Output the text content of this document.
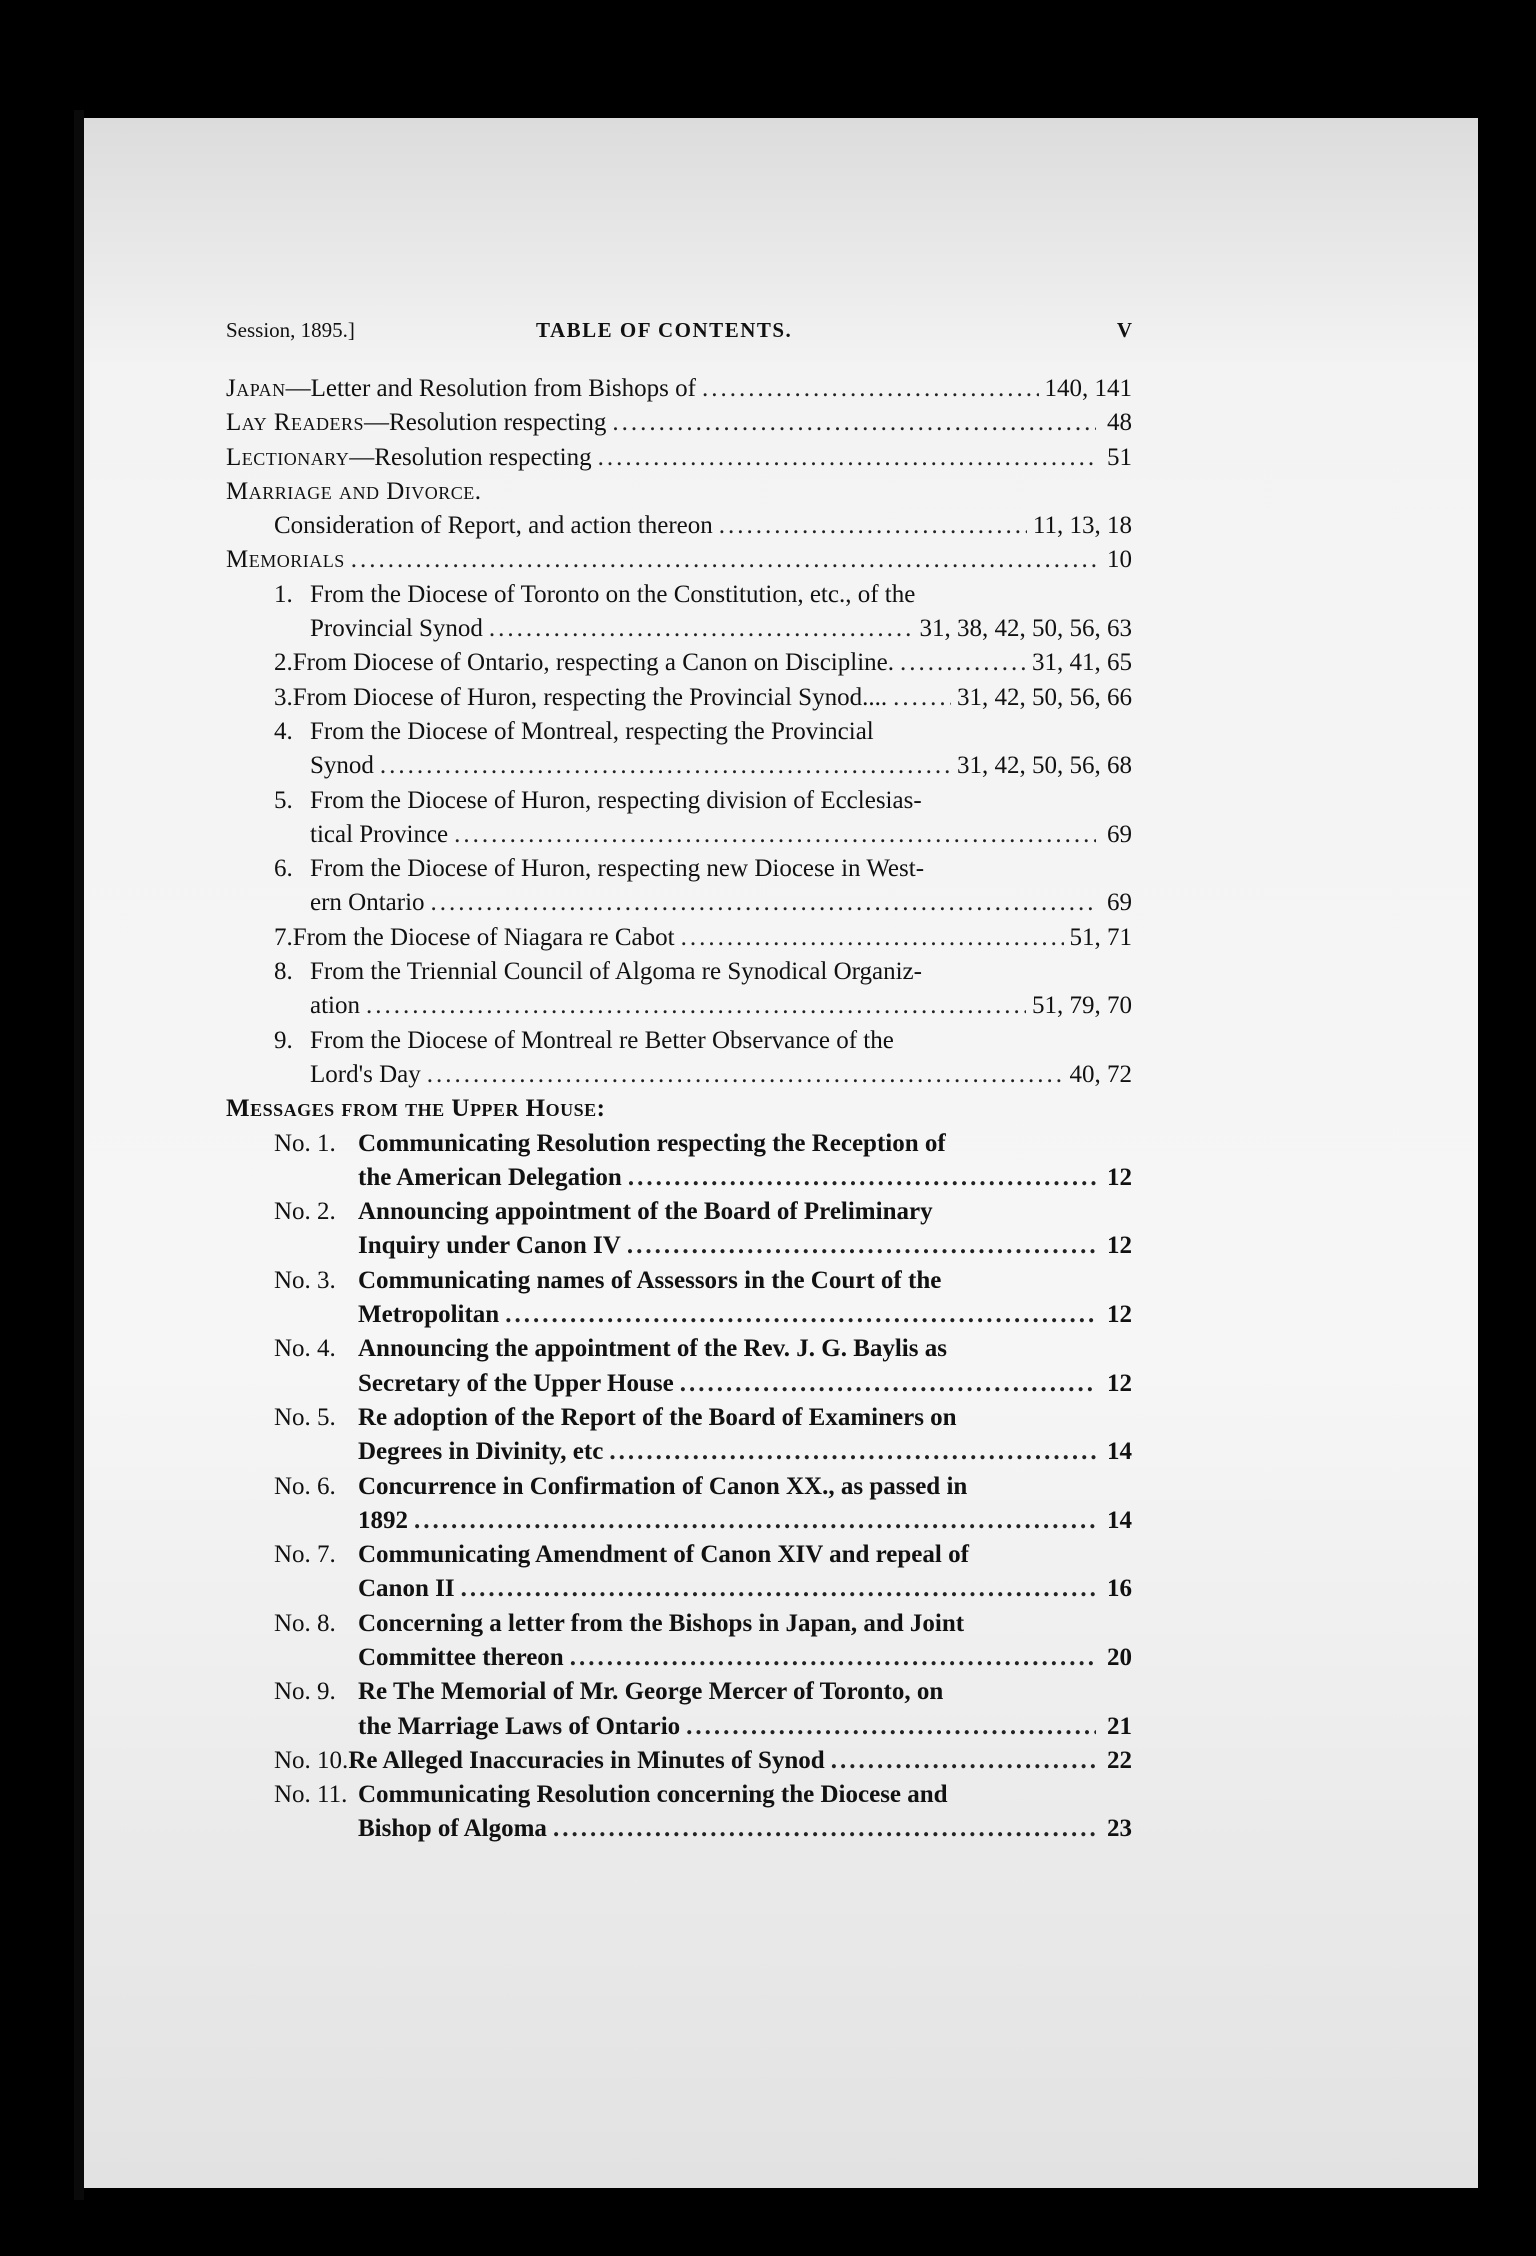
Session, 1895.]	TABLE OF CONTENTS.	V
Japan—Letter and Resolution from Bishops of .....	140, 141
Lay Readers—Resolution respecting .....	48
Lectionary—Resolution respecting .....	51
Marriage and Divorce.
Consideration of Report, and action thereon .....	11, 13, 18
Memorials .....	10
1. From the Diocese of Toronto on the Constitution, etc., of the
Provincial Synod .....	31, 38, 42, 50, 56, 63
2. From Diocese of Ontario, respecting a Canon on Discipline. .....	31, 41, 65
3. From Diocese of Huron, respecting the Provincial Synod.... .....	31, 42, 50, 56, 66
4. From the Diocese of Montreal, respecting the Provincial
Synod .....	31, 42, 50, 56, 68
5. From the Diocese of Huron, respecting division of Ecclesias-
tical Province .....	69
6. From the Diocese of Huron, respecting new Diocese in West-
ern Ontario .....	69
7. From the Diocese of Niagara re Cabot .....	51, 71
8. From the Triennial Council of Algoma re Synodical Organiz-
ation .....	51, 79, 70
9. From the Diocese of Montreal re Better Observance of the
Lord's Day .....	40, 72
Messages from the Upper House:
No. 1. Communicating Resolution respecting the Reception of
the American Delegation .....	12
No. 2. Announcing appointment of the Board of Preliminary
Inquiry under Canon IV .....	12
No. 3. Communicating names of Assessors in the Court of the
Metropolitan .....	12
No. 4. Announcing the appointment of the Rev. J. G. Baylis as
Secretary of the Upper House .....	12
No. 5. Re adoption of the Report of the Board of Examiners on
Degrees in Divinity, etc .....	14
No. 6. Concurrence in Confirmation of Canon XX., as passed in
1892 .....	14
No. 7. Communicating Amendment of Canon XIV and repeal of
Canon II .....	16
No. 8. Concerning a letter from the Bishops in Japan, and Joint
Committee thereon .....	20
No. 9. Re The Memorial of Mr. George Mercer of Toronto, on
the Marriage Laws of Ontario .....	21
No. 10. Re Alleged Inaccuracies in Minutes of Synod .....	22
No. 11. Communicating Resolution concerning the Diocese and
Bishop of Algoma .....	23
